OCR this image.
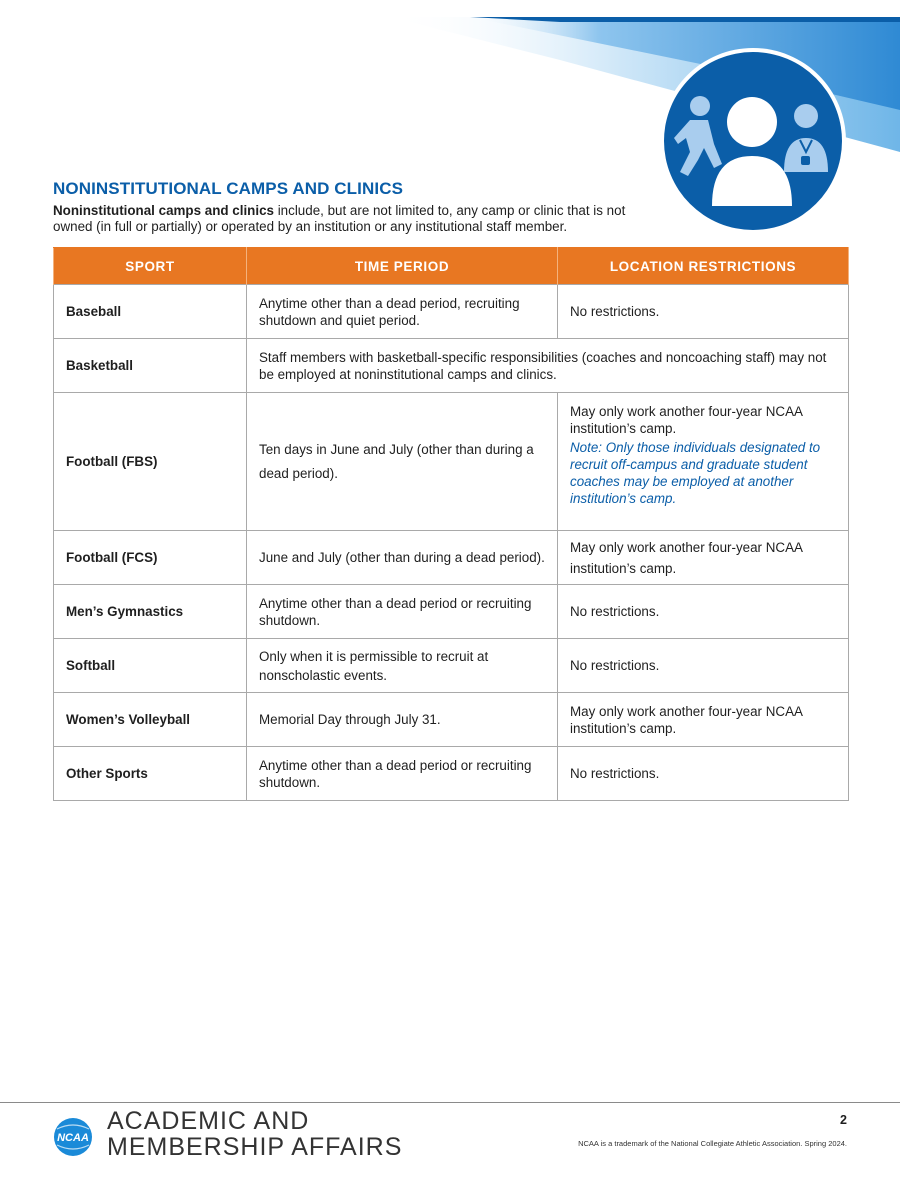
NONINSTITUTIONAL CAMPS AND CLINICS

Noninstitutional camps and clinics include, but are not limited to, any camp or clinic that is not owned (in full or partially) or operated by an institution or any institutional staff member.

SPORT	TIME PERIOD	LOCATION RESTRICTIONS
Baseball	Anytime other than a dead period, recruiting shutdown and quiet period.	No restrictions.
Basketball	Staff members with basketball-specific responsibilities (coaches and noncoaching staff) may not be employed at noninstitutional camps and clinics.	
Football (FBS)	Ten days in June and July (other than during a dead period).	May only work another four-year NCAA institution’s camp.
Note: Only those individuals designated to recruit off-campus and graduate student coaches may be employed at another institution’s camp.

Football (FCS)	June and July (other than during a dead period).	May only work another four-year NCAA institution’s camp.
Men’s Gymnastics	Anytime other than a dead period or recruiting shutdown.	No restrictions.
Softball	Only when it is permissible to recruit at nonscholastic events.	No restrictions.
Women’s Volleyball	Memorial Day through July 31.	May only work another four-year NCAA institution’s camp.
Other Sports	Anytime other than a dead period or recruiting shutdown.	No restrictions.
NCAA
ACADEMIC AND
MEMBERSHIP AFFAIRS
2
NCAA is a trademark of the National Collegiate Athletic Association. Spring 2024.
